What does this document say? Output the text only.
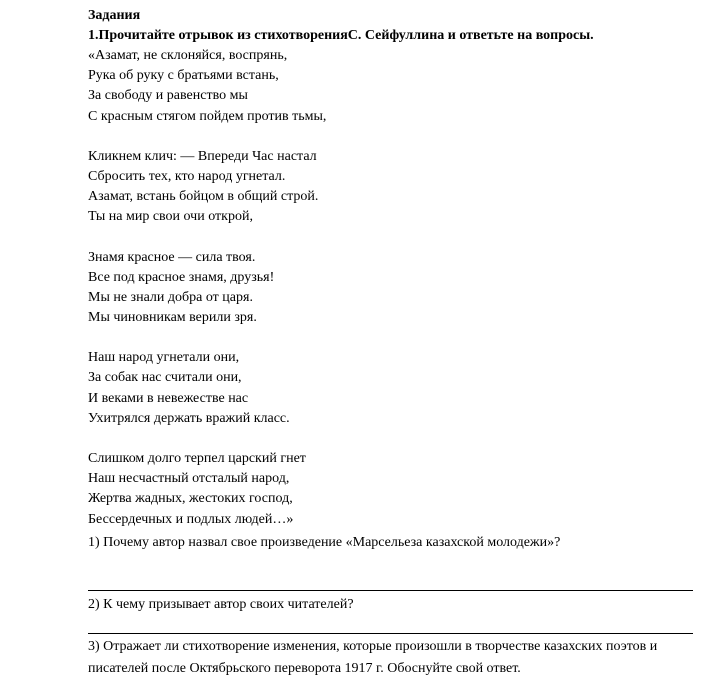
Задания
1.Прочитайте отрывок из стихотворенияС. Сейфуллина и ответьте на вопросы.
«Азамат, не склоняйся, воспрянь,
Рука об руку с братьями встань,
За свободу и равенство мы
С красным стягом пойдем против тьмы,
Кликнем клич: — Впереди Час настал
Сбросить тех, кто народ угнетал.
Азамат, встань бойцом в общий строй.
Ты на мир свои очи открой,
Знамя красное — сила твоя.
Все под красное знамя, друзья!
Мы не знали добра от царя.
Мы чиновникам верили зря.
Наш народ угнетали они,
За собак нас считали они,
И веками в невежестве нас
Ухитрялся держать вражий класс.
Слишком долго терпел царский гнет
Наш несчастный отсталый народ,
Жертва жадных, жестоких господ,
Бессердечных и подлых людей…»
1) Почему автор назвал свое произведение «Марсельеза казахской молодежи»?
2) К чему призывает автор своих читателей?
3) Отражает ли стихотворение изменения, которые произошли в творчестве казахских поэтов и
писателей после Октябрьского переворота 1917 г. Обоснуйте свой ответ.
